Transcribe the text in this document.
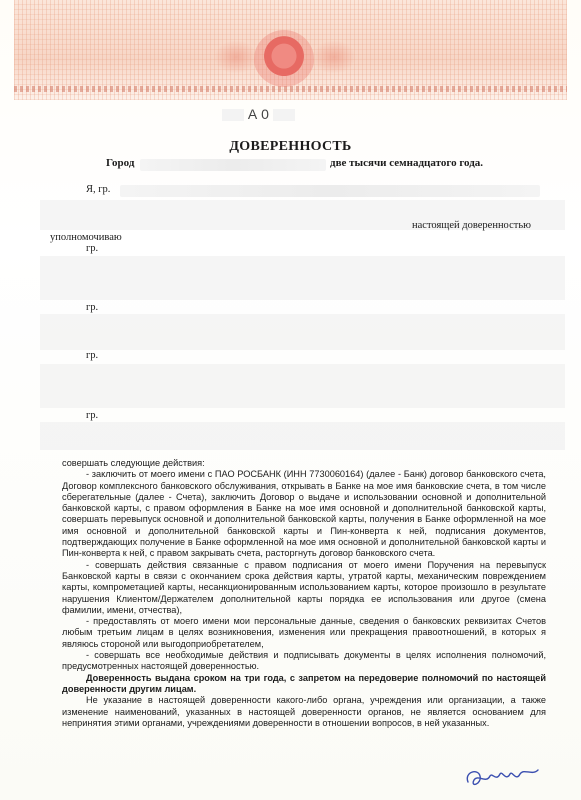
А 0
ДОВЕРЕННОСТЬ
Город	две тысячи семнадцатого года.
Я, гр.
настоящей доверенностью
уполномочиваю
гр.
гр.
гр.
гр.

совершать следующие действия:

- заключить от моего имени с ПАО РОСБАНК (ИНН 7730060164) (далее - Банк) договор банковского счета, Договор комплексного банковского обслуживания, открывать в Банке на мое имя банковские счета, в том числе сберегательные (далее - Счета), заключить Договор о выдаче и использовании основной и дополнительной банковской карты, с правом оформления в Банке на мое имя основной и дополнительной банковской карты, совершать перевыпуск основной и дополнительной банковской карты, получения в Банке оформленной на мое имя основной и дополнительной банковской карты и Пин-конверта к ней, подписания документов, подтверждающих получение в Банке оформленной на мое имя основной и дополнительной банковской карты и Пин-конверта к ней, с правом закрывать счета, расторгнуть договор банковского счета.

- совершать действия связанные с правом подписания от моего имени Поручения на перевыпуск Банковской карты в связи с окончанием срока действия карты, утратой карты, механическим повреждением карты, компрометацией карты, несанкционированным использованием карты, которое произошло в результате нарушения Клиентом/Держателем дополнительной карты порядка ее использования или другое (смена фамилии, имени, отчества),

- предоставлять от моего имени мои персональные данные, сведения о банковских реквизитах Счетов любым третьим лицам в целях возникновения, изменения или прекращения правоотношений, в которых я являюсь стороной или выгодоприобретателем,

- совершать все необходимые действия и подписывать документы в целях исполнения полномочий, предусмотренных настоящей доверенностью.

Доверенность выдана сроком на три года, с запретом на передоверие полномочий по настоящей доверенности другим лицам.

Не указание в настоящей доверенности какого-либо органа, учреждения или организации, а также изменение наименований, указанных в настоящей доверенности органов, не является основанием для непринятия этими органами, учреждениями доверенности в отношении вопросов, в ней указанных.
